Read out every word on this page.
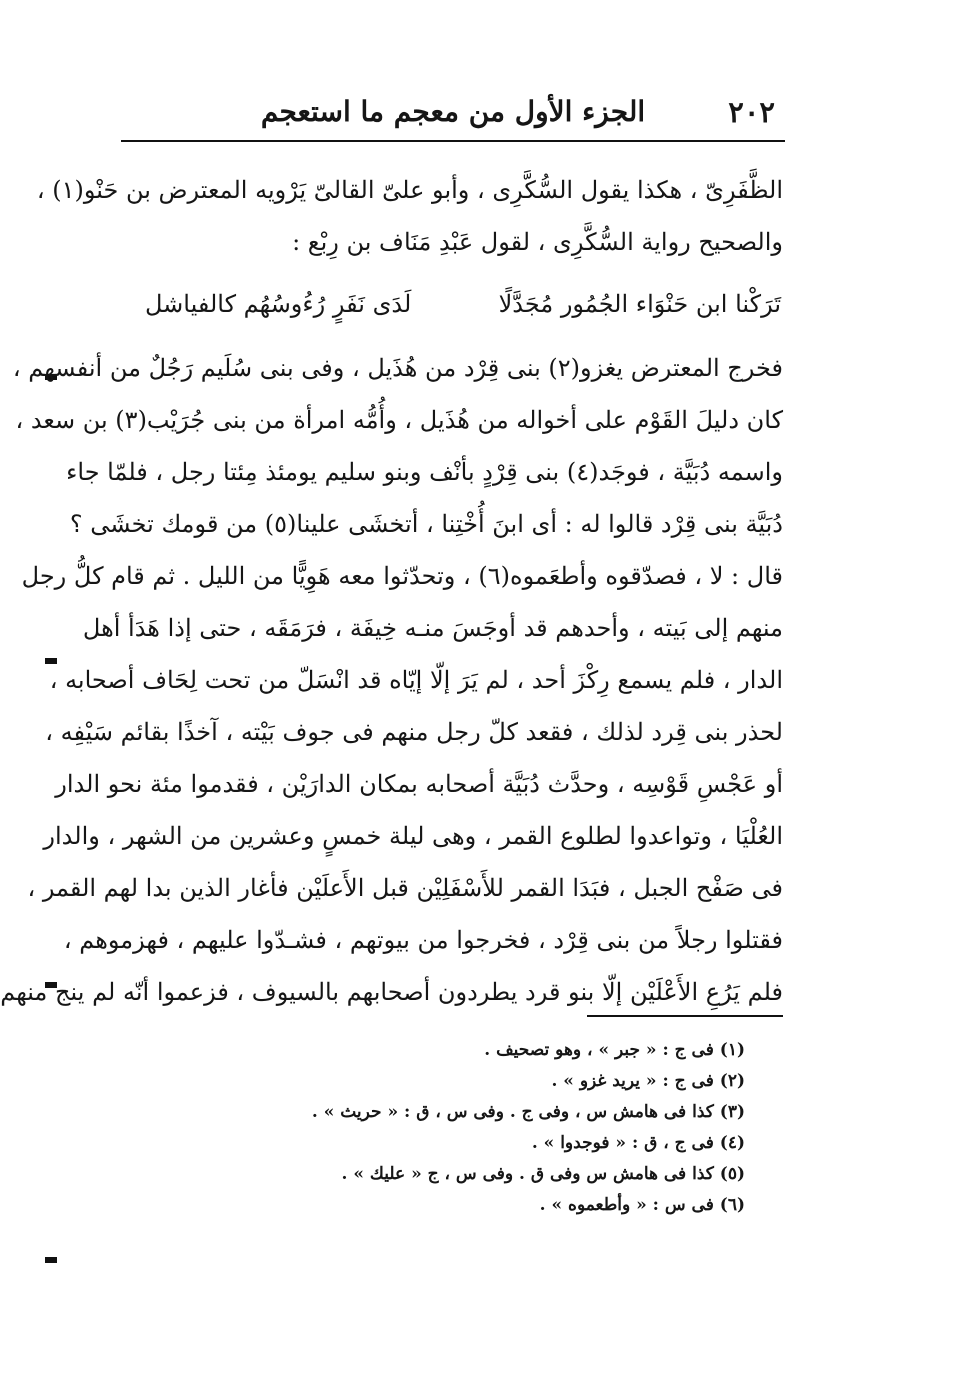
٢٠٢
الجزء الأول من معجم ما استعجم
الظَّفَرِىّ ، هكذا يقول السُّكَّرِى ، وأبو علىّ القالىّ يَرْويه المعترض بن حَنْو(١) ،
والصحيح رواية السُّكَّرِى ، لقول عَبْدِ مَنَاف بن رِبْع :
تَرَكْنا ابن حَنْوَاء الجُمُور مُجَدَّلًا
لَدَى نَفَرٍ رُءُوسُهُم كالفياشل
فخرج المعترض يغزو(٢) بنى قِرْد من هُذَيل ، وفى بنى سُلَيم رَجُلٌ من أنفسهم ،
كان دليلَ القَوْم على أخواله من هُذَيل ، وأُمُّه امرأة من بنى جُرَيْب(٣) بن سعد ،
واسمه دُبَيَّة ، فوجَد(٤) بنى قِرْدٍ بأنْف وبنو سليم يومئذ مِئتا رجل ، فلمّا جاء
دُبَيَّة بنى قِرْد قالوا له : أى ابنَ أُخْتِنا ، أتخشَى علينا(٥) من قومك تخشَى ؟
قال : لا ، فصدّقوه وأطعَموه(٦) ، وتحدّثوا معه هَوِيًّا من الليل . ثم قام كلُّ رجل
منهم إلى بَيته ، وأحدهم قد أوجَسَ منـه خِيفَة ، فرَمَقَه ، حتى إذا هَدَأ أهل
الدار ، فلم يسمع رِكْزَ أحد ، لم يَرَ إلّا إيّاه قد انْسَلّ من تحت لِحَاف أصحابه ،
لحذر بنى قِرد لذلك ، فقعد كلّ رجل منهم فى جوف بَيْته ، آخذًا بقائم سَيْفِه ،
أو عَجْسِ قَوْسِه ، وحدَّث دُبَيَّة أصحابه بمكان الدارَيْن ، فقدموا مئة نحو الدار
العُلْيَا ، وتواعدوا لطلوع القمر ، وهى ليلة خمسٍ وعشرين من الشهر ، والدار
فى صَفْح الجبل ، فبَدَا القمر للأَسْفَلِيْن قبل الأَعلَيْن فأغار الذين بدا لهم القمر ،
فقتلوا رجلاً من بنى قِرْد ، فخرجوا من بيوتهم ، فشـدّوا عليهم ، فهزموهم ،
فلم يَرُعِ الأَعْلَيْن إلّا بنو قرد يطردون أصحابهم بالسيوف ، فزعموا أنّه لم ينج منهم
(١) فى ج : « جبر » ، وهو تصحيف .
(٢) فى ج : « يريد غزو » .
(٣) كذا فى هامش س ، وفى ج . وفى س ، ق : « حريث » .
(٤) فى ج ، ق : « فوجدوا » .
(٥) كذا فى هامش س وفى ق . وفى س ، ج « عليك » .
(٦) فى س : « وأطعموه » .
